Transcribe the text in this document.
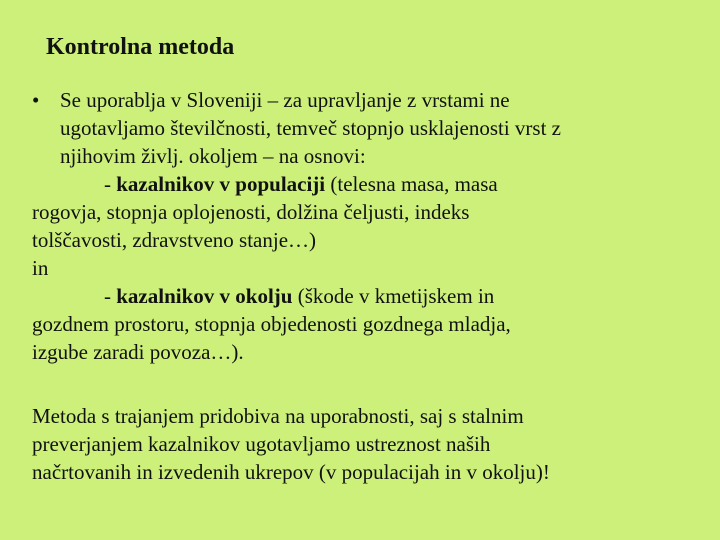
Kontrolna metoda
• Se uporablja v Sloveniji – za upravljanje z vrstami ne
ugotavljamo številčnosti, temveč stopnjo usklajenosti vrst z
njihovim življ. okoljem – na osnovi:
- kazalnikov v populaciji (telesna masa, masa
rogovja, stopnja oplojenosti, dolžina čeljusti, indeks
tolščavosti, zdravstveno stanje…)
in
- kazalnikov v okolju (škode v kmetijskem in
gozdnem prostoru, stopnja objedenosti gozdnega mladja,
izgube zaradi povoza…).
Metoda s trajanjem pridobiva na uporabnosti, saj s stalnim
preverjanjem kazalnikov ugotavljamo ustreznost naših
načrtovanih in izvedenih ukrepov (v populacijah in v okolju)!
